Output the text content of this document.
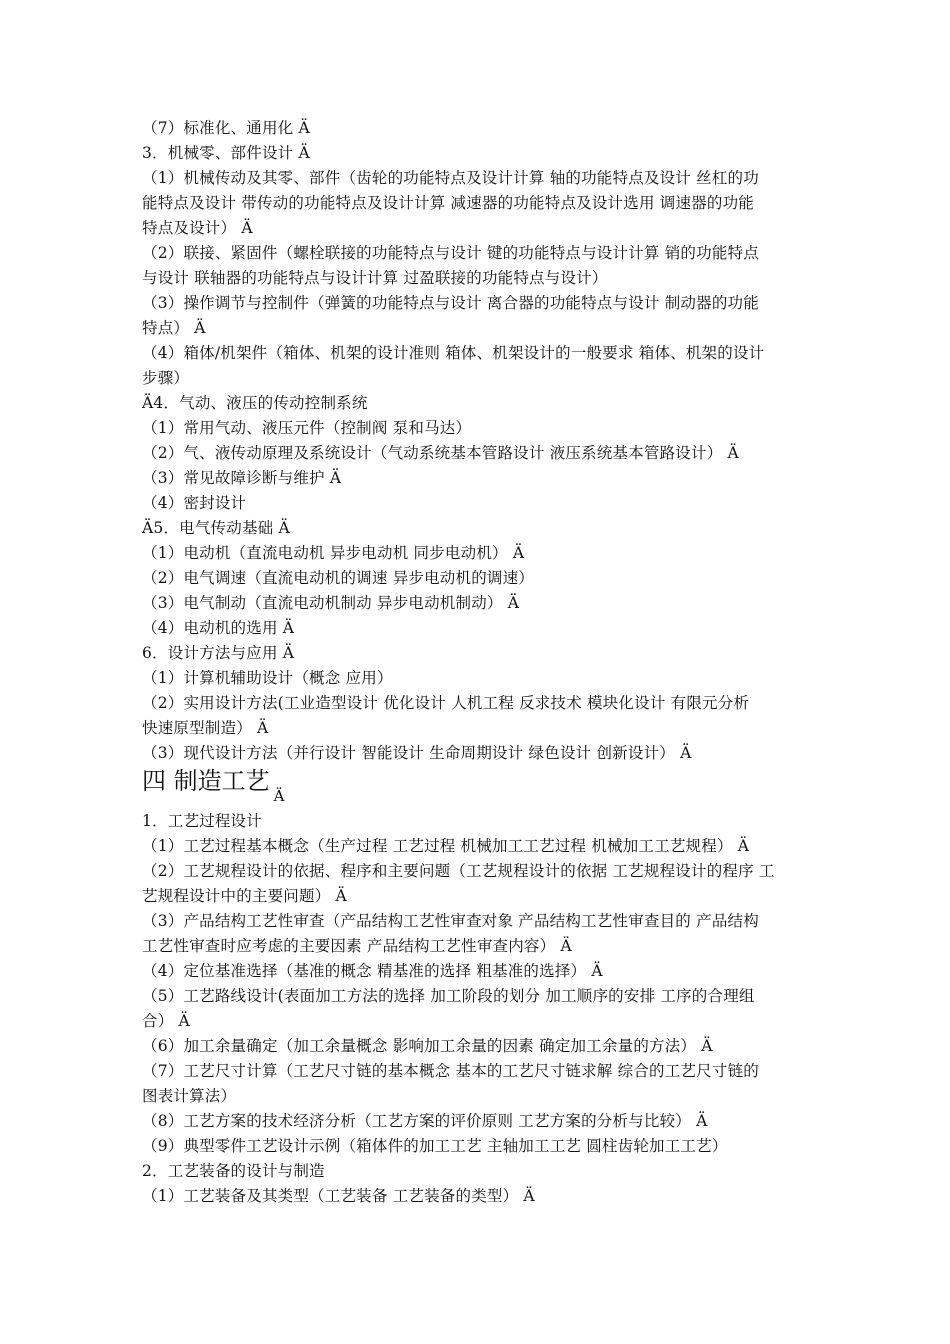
（7）标准化、通用化 Ä
3．机械零、部件设计 Ä
（1）机械传动及其零、部件（齿轮的功能特点及设计计算 轴的功能特点及设计 丝杠的功
能特点及设计 带传动的功能特点及设计计算 减速器的功能特点及设计选用 调速器的功能
特点及设计） Ä
（2）联接、紧固件（螺栓联接的功能特点与设计 键的功能特点与设计计算 销的功能特点
与设计 联轴器的功能特点与设计计算 过盈联接的功能特点与设计）
（3）操作调节与控制件（弹簧的功能特点与设计 离合器的功能特点与设计 制动器的功能
特点） Ä
（4）箱体/机架件（箱体、机架的设计准则 箱体、机架设计的一般要求 箱体、机架的设计
步骤）
Ä4．气动、液压的传动控制系统
（1）常用气动、液压元件（控制阀 泵和马达）
（2）气、液传动原理及系统设计（气动系统基本管路设计 液压系统基本管路设计） Ä
（3）常见故障诊断与维护 Ä
（4）密封设计
Ä5．电气传动基础 Ä
（1）电动机（直流电动机 异步电动机 同步电动机） Ä
（2）电气调速（直流电动机的调速 异步电动机的调速）
（3）电气制动（直流电动机制动 异步电动机制动） Ä
（4）电动机的选用 Ä
6．设计方法与应用 Ä
（1）计算机辅助设计（概念 应用）
（2）实用设计方法(工业造型设计 优化设计 人机工程 反求技术 模块化设计 有限元分析
快速原型制造） Ä
（3）现代设计方法（并行设计 智能设计 生命周期设计 绿色设计 创新设计） Ä
四 制造工艺$_Ä$
1．工艺过程设计
（1）工艺过程基本概念（生产过程 工艺过程 机械加工工艺过程 机械加工工艺规程） Ä
（2）工艺规程设计的依据、程序和主要问题（工艺规程设计的依据 工艺规程设计的程序 工
艺规程设计中的主要问题） Ä
（3）产品结构工艺性审查（产品结构工艺性审查对象 产品结构工艺性审查目的 产品结构
工艺性审查时应考虑的主要因素 产品结构工艺性审查内容） Ä
（4）定位基准选择（基准的概念 精基准的选择 粗基准的选择） Ä
（5）工艺路线设计(表面加工方法的选择 加工阶段的划分 加工顺序的安排 工序的合理组
合） Ä
（6）加工余量确定（加工余量概念 影响加工余量的因素 确定加工余量的方法） Ä
（7）工艺尺寸计算（工艺尺寸链的基本概念 基本的工艺尺寸链求解 综合的工艺尺寸链的
图表计算法）
（8）工艺方案的技术经济分析（工艺方案的评价原则 工艺方案的分析与比较） Ä
（9）典型零件工艺设计示例（箱体件的加工工艺 主轴加工工艺 圆柱齿轮加工工艺）
2．工艺装备的设计与制造
（1）工艺装备及其类型（工艺装备 工艺装备的类型） Ä
